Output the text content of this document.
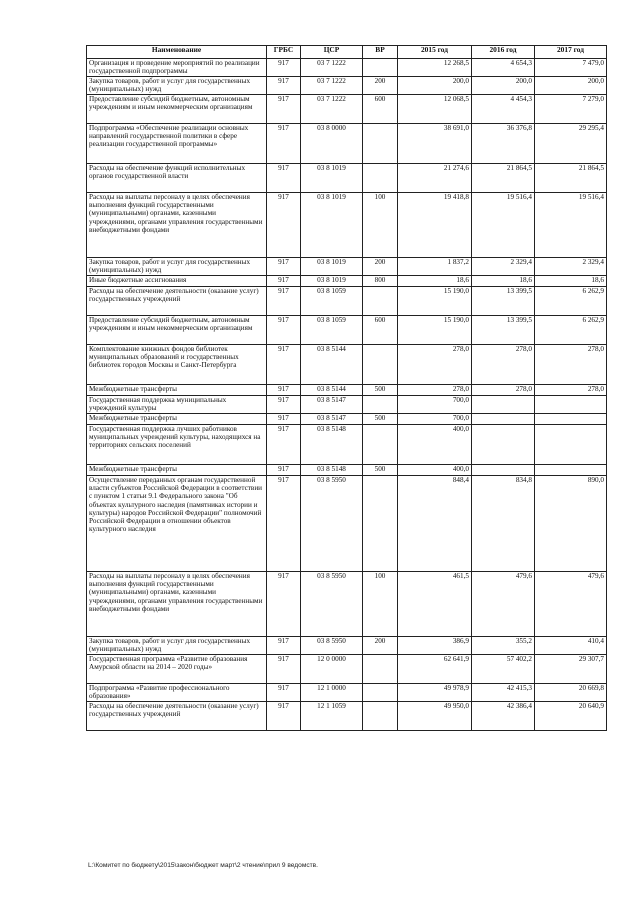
Наименование	ГРБС	ЦСР	ВР	2015 год	2016 год	2017 год
Организация и проведение мероприятий по реализации государственной подпрограммы	917	03 7 1222		12 268,5	4 654,3	7 479,0
Закупка товаров, работ и услуг для государственных (муниципальных) нужд	917	03 7 1222	200	200,0	200,0	200,0
Предоставление субсидий бюджетным, автономным учреждениям и иным некоммерческим организациям	917	03 7 1222	600	12 068,5	4 454,3	7 279,0
Подпрограмма «Обеспечение реализации основных направлений государственной политики в сфере реализации государственной программы»	917	03 8 0000		38 691,0	36 376,8	29 295,4
Расходы на обеспечение функций исполнительных органов государственной власти	917	03 8 1019		21 274,6	21 864,5	21 864,5
Расходы на выплаты персоналу в целях обеспечения выполнения функций государственными (муниципальными) органами, казенными учреждениями, органами управления государственными внебюджетными фондами	917	03 8 1019	100	19 418,8	19 516,4	19 516,4
Закупка товаров, работ и услуг для государственных (муниципальных) нужд	917	03 8 1019	200	1 837,2	2 329,4	2 329,4
Иные бюджетные ассигнования	917	03 8 1019	800	18,6	18,6	18,6
Расходы на обеспечение деятельности (оказание услуг) государственных учреждений	917	03 8 1059		15 190,0	13 399,5	6 262,9
Предоставление субсидий бюджетным, автономным учреждениям и иным некоммерческим организациям	917	03 8 1059	600	15 190,0	13 399,5	6 262,9
Комплектование книжных фондов библиотек муниципальных образований и государственных библиотек городов Москвы и Санкт-Петербурга	917	03 8 5144		278,0	278,0	278,0
Межбюджетные трансферты	917	03 8 5144	500	278,0	278,0	278,0
Государственная поддержка муниципальных учреждений культуры	917	03 8 5147		700,0		
Межбюджетные трансферты	917	03 8 5147	500	700,0		
Государственная поддержка лучших работников муниципальных учреждений культуры, находящихся на территориях сельских поселений	917	03 8 5148		400,0		
Межбюджетные трансферты	917	03 8 5148	500	400,0		
Осуществление переданных органам государственной власти субъектов Российской Федерации в соответствии с пунктом 1 статьи 9.1 Федерального закона "Об объектах культурного наследия (памятниках истории и культуры) народов Российской Федерации" полномочий Российской Федерации в отношении объектов культурного наследия	917	03 8 5950		848,4	834,8	890,0
Расходы на выплаты персоналу в целях обеспечения выполнения функций государственными (муниципальными) органами, казенными учреждениями, органами управления государственными внебюджетными фондами	917	03 8 5950	100	461,5	479,6	479,6
Закупка товаров, работ и услуг для государственных (муниципальных) нужд	917	03 8 5950	200	386,9	355,2	410,4
Государственная программа «Развитие образования Амурской области на 2014 – 2020 годы»	917	12 0 0000		62 641,9	57 402,2	29 307,7
Подпрограмма «Развитие профессионального образования»	917	12 1 0000		49 978,9	42 415,3	20 669,8
Расходы на обеспечение деятельности (оказание услуг) государственных учреждений	917	12 1 1059		49 950,0	42 386,4	20 640,9
L:\Комитет по бюджету\2015\закон\бюджет март\2 чтение\прил 9 ведомств.
